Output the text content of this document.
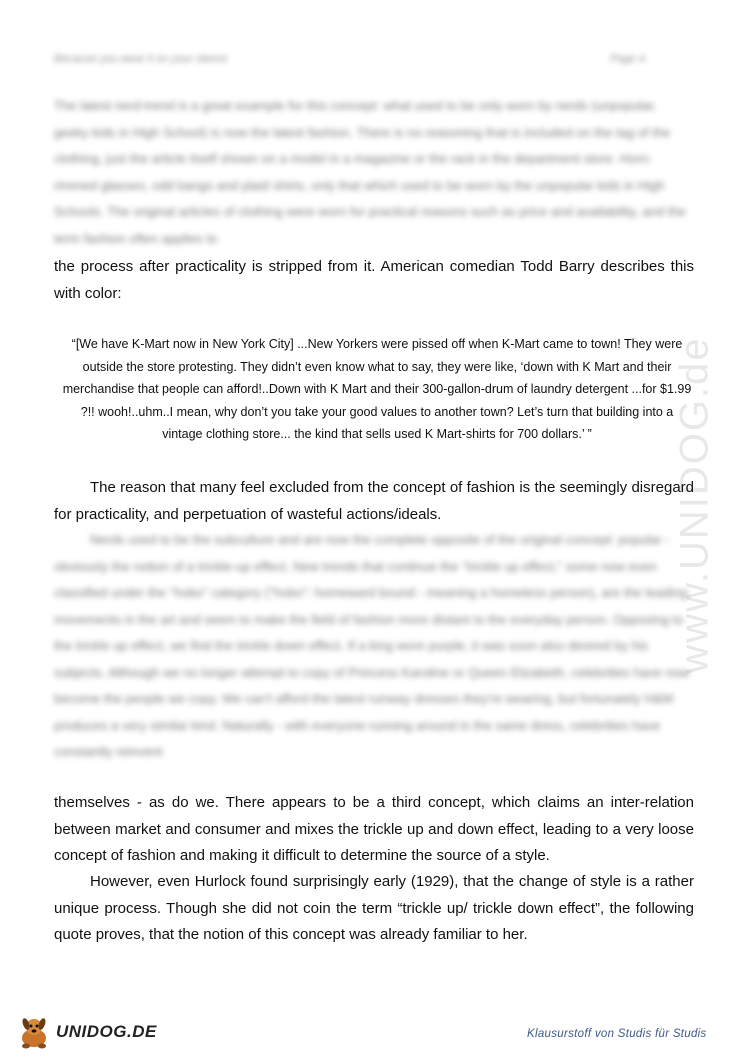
Because you wear it on your sleeve	Page 4
www.UNIDOG.de

The latest nerd-trend is a great example for this concept: what used to be only worn by nerds (unpopular, geeky kids in High School) is now the latest fashion. There is no reasoning that is included on the tag of the clothing, just the article itself shown on a model in a magazine or the rack in the department store. Horn-rimmed glasses, odd bangs and plaid shirts, only that which used to be worn by the unpopular kids in High Schools. The original articles of clothing were worn for practical reasons such as price and availability, and the term fashion often applies to

the process after practicality is stripped from it. American comedian Todd Barry describes this with color:

“[We have K-Mart now in New York City] ...New Yorkers were pissed off when K-Mart came to town! They were outside the store protesting. They didn’t even know what to say, they were like, ‘down with K Mart and their merchandise that people can afford!..Down with K Mart and their 300-gallon-drum of laundry detergent ...for $1.99 ?!! wooh!..uhm..I mean, why don’t you take your good values to another town? Let’s turn that building into a vintage clothing store... the kind that sells used K Mart-shirts for 700 dollars.’ ”

The reason that many feel excluded from the concept of fashion is the seemingly disregard for practicality, and perpetuation of wasteful actions/ideals.

Nerds used to be the subculture and are now the complete opposite of the original concept: popular - obviously the notion of a trickle-up effect. New trends that continue the "trickle up effect," some now even classified under the "hobo" category ("hobo": homeward bound - meaning a homeless person), are the leading movements in the art and seem to make the field of fashion more distant to the everyday person. Opposing to the trickle up effect, we find the trickle down effect. If a king wore purple, it was soon also desired by his subjects. Although we no longer attempt to copy of Princess Karoline or Queen Elizabeth, celebrities have now become the people we copy. We can't afford the latest runway dresses they're wearing, but fortunately H&M produces a very similar kind. Naturally - with everyone running around in the same dress, celebrities have constantly reinvent

themselves - as do we. There appears to be a third concept, which claims an inter-relation between market and consumer and mixes the trickle up and down effect, leading to a very loose concept of fashion and making it difficult to determine the source of a style.

However, even Hurlock found surprisingly early (1929), that the change of style is a rather unique process. Though she did not coin the term “trickle up/ trickle down effect”, the following quote proves, that the notion of this concept was already familiar to her.

UNIDOG.DE	Klausurstoff von Studis für Studis
